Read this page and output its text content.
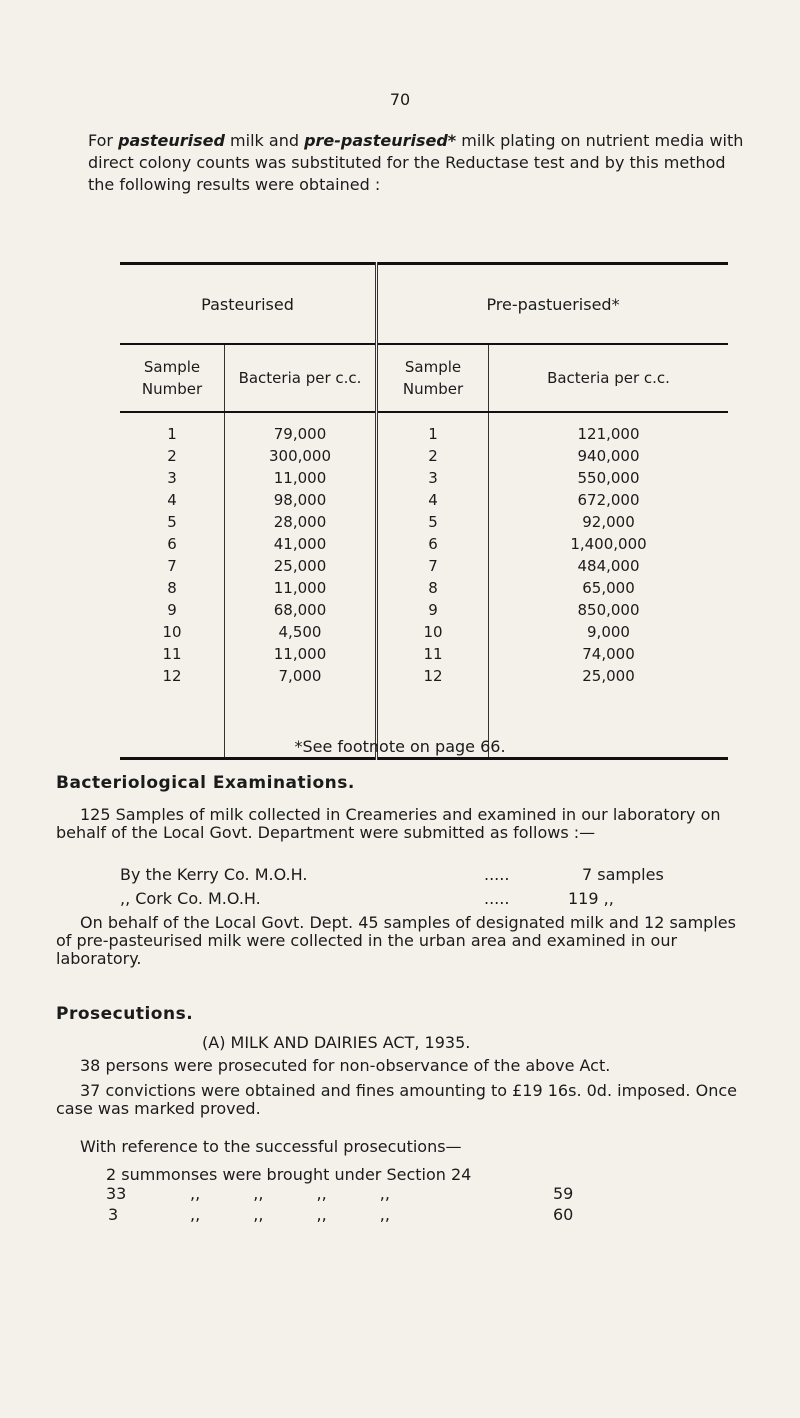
70
For pasteurised milk and pre-pasteurised* milk plating on nutrient media with direct colony counts was substituted for the Reductase test and by this method the following results were obtained :
Pasteurised		Pre-pastuerised*	
Sample Number	Bacteria per c.c.	Sample Number	Bacteria per c.c.
1	79,000	1	121,000
2	300,000	2	940,000
3	11,000	3	550,000
4	98,000	4	672,000
5	28,000	5	92,000
6	41,000	6	1,400,000
7	25,000	7	484,000
8	11,000	8	65,000
9	68,000	9	850,000
10	4,500	10	9,000
11	11,000	11	74,000
12	7,000	12	25,000

*See footnote on page 66.
Bacteriological Examinations.
125 Samples of milk collected in Creameries and examined in our laboratory on behalf of the Local Govt. Department were submitted as follows :—
By the Kerry Co. M.O.H.	.....	7 samples
,, Cork Co. M.O.H.	.....	119 ,,
On behalf of the Local Govt. Dept. 45 samples of designated milk and 12 samples of pre-pasteurised milk were collected in the urban area and examined in our laboratory.
Prosecutions.
(A) MILK AND DAIRIES ACT, 1935.
38 persons were prosecuted for non-observance of the above Act.
37 convictions were obtained and fines amounting to £19 16s. 0d. imposed. Once case was marked proved.
With reference to the successful prosecutions—
2 summonses were brought under Section 24
33	,, ,, ,, ,,	59
3	,, ,, ,, ,,	60
